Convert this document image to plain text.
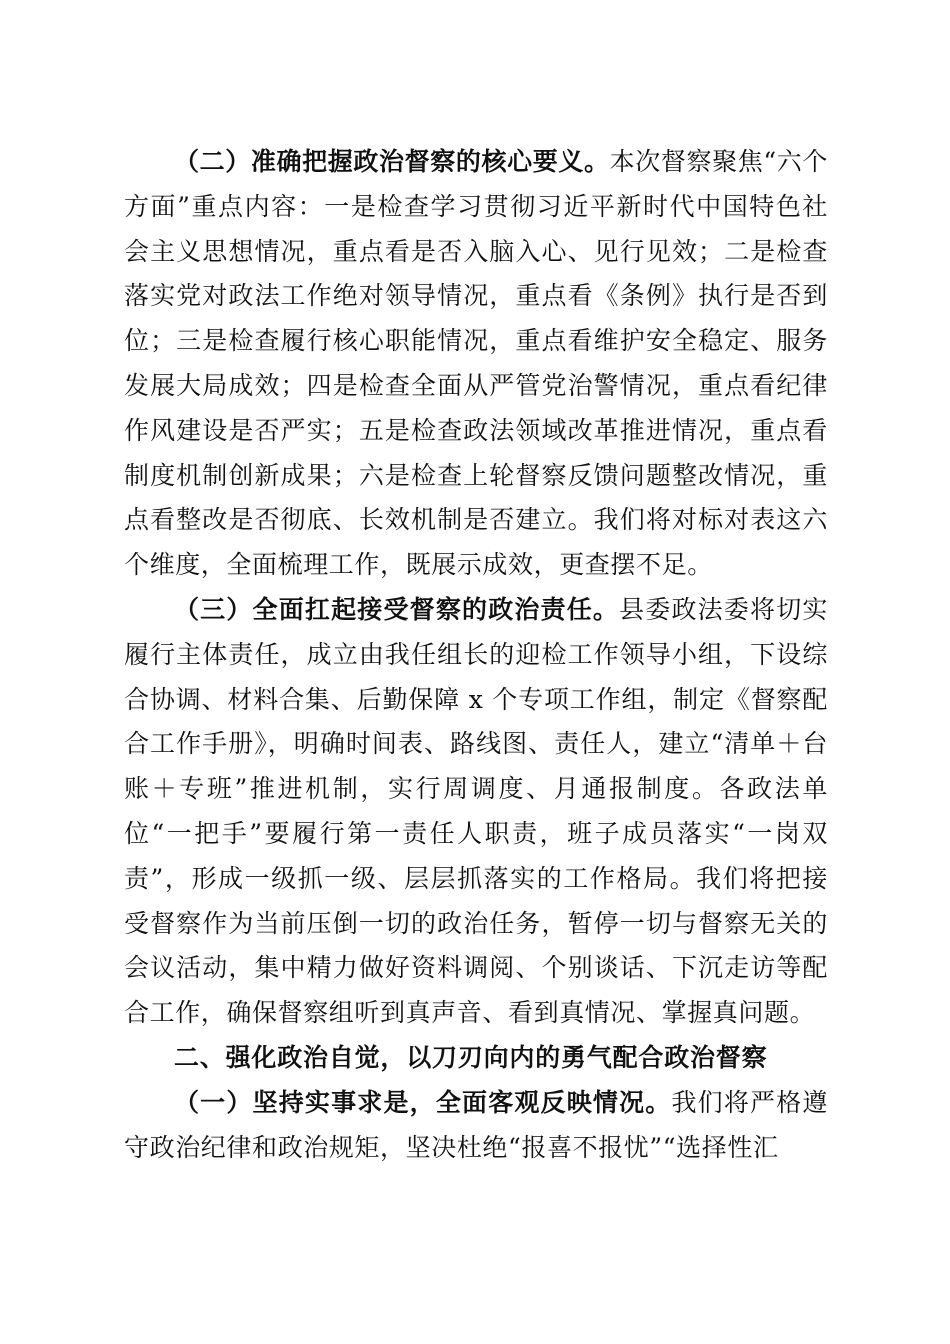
（二）准确把握政治督察的核心要义。本次督察聚焦“六个方面”重点内容：一是检查学习贯彻习近平新时代中国特色社会主义思想情况，重点看是否入脑入心、见行见效；二是检查落实党对政法工作绝对领导情况，重点看《条例》执行是否到位；三是检查履行核心职能情况，重点看维护安全稳定、服务发展大局成效；四是检查全面从严管党治警情况，重点看纪律作风建设是否严实；五是检查政法领域改革推进情况，重点看制度机制创新成果；六是检查上轮督察反馈问题整改情况，重点看整改是否彻底、长效机制是否建立。我们将对标对表这六个维度，全面梳理工作，既展示成效，更查摆不足。

（三）全面扛起接受督察的政治责任。县委政法委将切实履行主体责任，成立由我任组长的迎检工作领导小组，下设综合协调、材料合集、后勤保障 x 个专项工作组，制定《督察配合工作手册》，明确时间表、路线图、责任人，建立“清单＋台账＋专班”推进机制，实行周调度、月通报制度。各政法单位“一把手”要履行第一责任人职责，班子成员落实“一岗双责”，形成一级抓一级、层层抓落实的工作格局。我们将把接受督察作为当前压倒一切的政治任务，暂停一切与督察无关的会议活动，集中精力做好资料调阅、个别谈话、下沉走访等配合工作，确保督察组听到真声音、看到真情况、掌握真问题。

二、强化政治自觉，以刀刃向内的勇气配合政治督察

（一）坚持实事求是，全面客观反映情况。我们将严格遵守政治纪律和政治规矩，坚决杜绝“报喜不报忧”“选择性汇
